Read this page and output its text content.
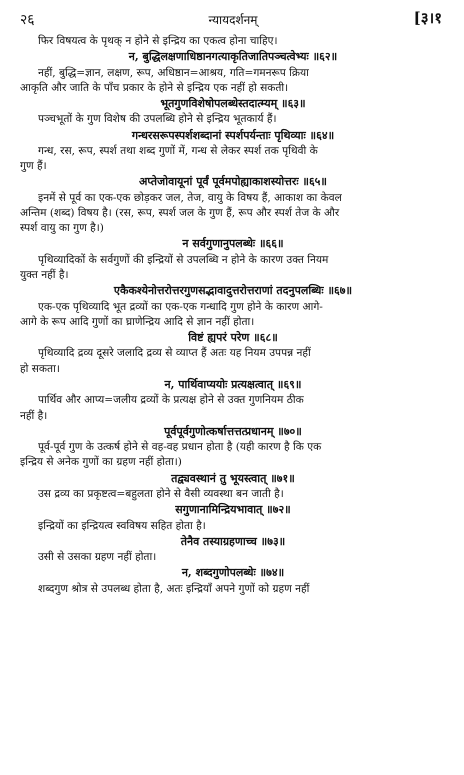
२६	न्यायदर्शनम्	[३।१
फिर विषयत्व के पृथक् न होने से इन्द्रिय का एकत्व होना चाहिए।
न, बुद्धिलक्षणाधिष्ठानगत्याकृतिजातिपञ्चत्वेभ्यः ॥६२॥
नहीं, बुद्धि=ज्ञान, लक्षण, रूप, अधिष्ठान=आश्रय, गति=गमनरूप क्रिया
आकृति और जाति के पाँच प्रकार के होने से इन्द्रिय एक नहीं हो सकती।
भूतगुणविशेषोपलब्धेस्तदात्म्यम् ॥६३॥
पञ्चभूतों के गुण विशेष की उपलब्धि होने से इन्द्रिय भूतकार्य हैं।
गन्धरसरूपस्पर्शशब्दानां स्पर्शपर्यन्ताः पृथिव्याः ॥६४॥
गन्ध, रस, रूप, स्पर्श तथा शब्द गुणों में, गन्ध से लेकर स्पर्श तक पृथिवी के
गुण हैं।
अप्तेजोवायूनां पूर्वं पूर्वमपोह्याकाशस्योत्तरः ॥६५॥
इनमें से पूर्व का एक-एक छोड़कर जल, तेज, वायु के विषय हैं, आकाश का केवल
अन्तिम (शब्द) विषय है। (रस, रूप, स्पर्श जल के गुण हैं, रूप और स्पर्श तेज के और
स्पर्श वायु का गुण है।)
न सर्वगुणानुपलब्धेः ॥६६॥
पृथिव्यादिकों के सर्वगुणों की इन्द्रियों से उपलब्धि न होने के कारण उक्त नियम
युक्त नहीं है।
एकैकश्येनोत्तरोत्तरगुणसद्भावादुत्तरोत्तराणां तदनुपलब्धिः ॥६७॥
एक-एक पृथिव्यादि भूत द्रव्यों का एक-एक गन्धादि गुण होने के कारण आगे-
आगे के रूप आदि गुणों का घ्राणेन्द्रिय आदि से ज्ञान नहीं होता।
विष्टं ह्यपरं परेण ॥६८॥
पृथिव्यादि द्रव्य दूसरे जलादि द्रव्य से व्याप्त हैं अतः यह नियम उपपन्न नहीं
हो सकता।
न, पार्थिवाप्ययोः प्रत्यक्षत्वात् ॥६९॥
पार्थिव और आप्य=जलीय द्रव्यों के प्रत्यक्ष होने से उक्त गुणनियम ठीक
नहीं है।
पूर्वपूर्वगुणोत्कर्षात्तत्तत्प्रधानम् ॥७०॥
पूर्व-पूर्व गुण के उत्कर्ष होने से वह-वह प्रधान होता है (यही कारण है कि एक
इन्द्रिय से अनेक गुणों का ग्रहण नहीं होता।)
तद्व्यवस्थानं तु भूयस्त्वात् ॥७१॥
उस द्रव्य का प्रकृष्टत्व=बहुलता होने से वैसी व्यवस्था बन जाती है।
सगुणानामिन्द्रियभावात् ॥७२॥
इन्द्रियों का इन्द्रियत्व स्वविषय सहित होता है।
तेनैव तस्याग्रहणाच्च ॥७३॥
उसी से उसका ग्रहण नहीं होता।
न, शब्दगुणोपलब्धेः ॥७४॥
शब्दगुण श्रोत्र से उपलब्ध होता है, अतः इन्द्रियाँ अपने गुणों को ग्रहण नहीं
